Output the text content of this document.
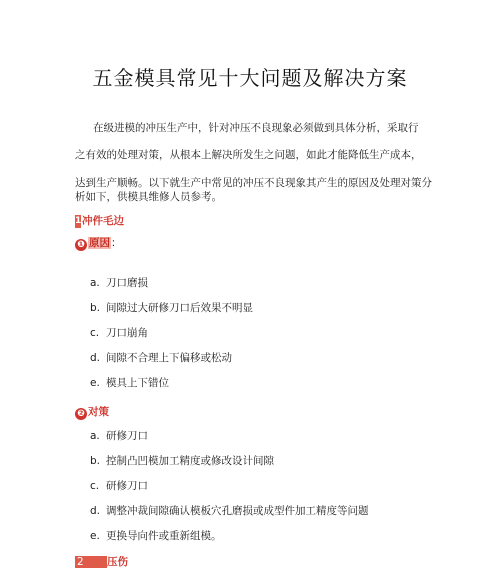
五金模具常见十大问题及解决方案
在级进模的冲压生产中，针对冲压不良现象必须做到具体分析，采取行
之有效的处理对策，从根本上解决所发生之问题，如此才能降低生产成本，
达到生产顺畅。以下就生产中常见的冲压不良现象其产生的原因及处理对策分析如下，供模具维修人员参考。
1冲件毛边
❶ 原因：
a. 刀口磨损
b. 间隙过大研修刀口后效果不明显
c. 刀口崩角
d. 间隙不合理上下偏移或松动
e. 模具上下错位
❷ 对策
a. 研修刀口
b. 控制凸凹模加工精度或修改设计间隙
c. 研修刀口
d. 调整冲裁间隙确认模板穴孔磨损或成型件加工精度等问题
e. 更换导向件或重新组模。
2 压伤
